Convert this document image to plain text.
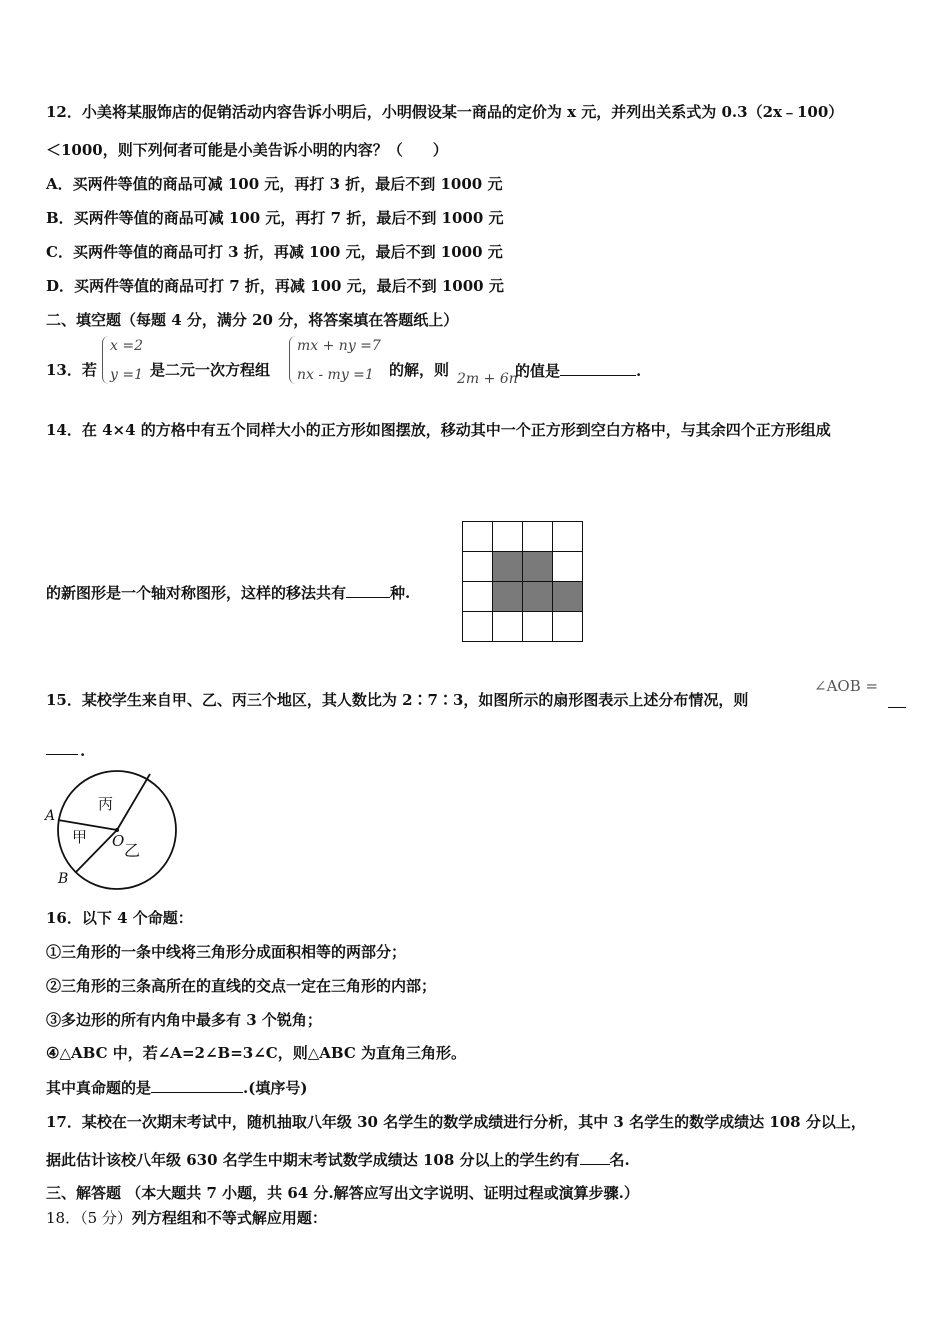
12．小美将某服饰店的促销活动内容告诉小明后，小明假设某一商品的定价为 x 元，并列出关系式为 0.3（2x﹣100）
＜1000，则下列何者可能是小美告诉小明的内容？（　　）
A．买两件等值的商品可减 100 元，再打 3 折，最后不到 1000 元
B．买两件等值的商品可减 100 元，再打 7 折，最后不到 1000 元
C．买两件等值的商品可打 3 折，再减 100 元，最后不到 1000 元
D．买两件等值的商品可打 7 折，再减 100 元，最后不到 1000 元
二、填空题（每题 4 分，满分 20 分，将答案填在答题纸上）
13．若
x =2
y =1 是二元一次方程组
mx + ny =7
nx - my =1 的解，则 2m + 6n
的值是	.
14．在 4×4 的方格中有五个同样大小的正方形如图摆放，移动其中一个正方形到空白方格中，与其余四个正方形组成
的新图形是一个轴对称图形，这样的移法共有	种.
15．某校学生来自甲、乙、丙三个地区，其人数比为 2∶7∶3，如图所示的扇形图表示上述分布情况，则
∠AOB =
.
A
B
O
甲
乙
丙
16．以下 4 个命题：
①三角形的一条中线将三角形分成面积相等的两部分；
②三角形的三条高所在的直线的交点一定在三角形的内部；
③多边形的所有内角中最多有 3 个锐角；
④△ABC 中，若∠A=2∠B=3∠C，则△ABC 为直角三角形。
其中真命题的是	.(填序号)
17．某校在一次期末考试中，随机抽取八年级 30 名学生的数学成绩进行分析，其中 3 名学生的数学成绩达 108 分以上，
据此估计该校八年级 630 名学生中期末考试数学成绩达 108 分以上的学生约有 名.
三、解答题 （本大题共 7 小题，共 64 分.解答应写出文字说明、证明过程或演算步骤.）
18．（5 分）列方程组和不等式解应用题：
